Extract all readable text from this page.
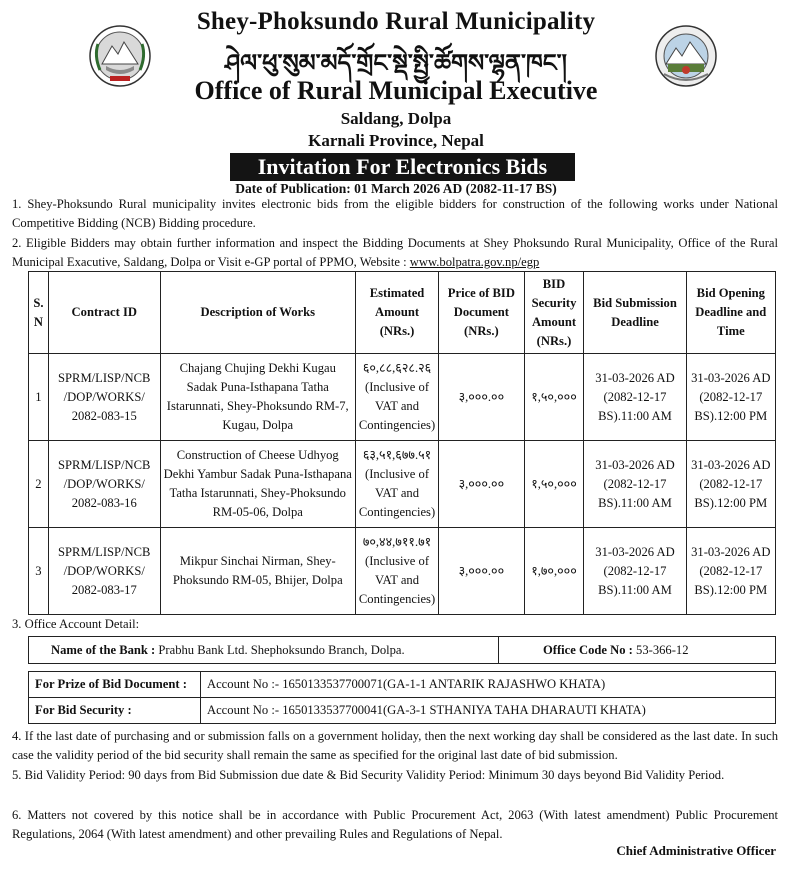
Shey-Phoksundo Rural Municipality
ཤེལ་ཕུ་སུམ་མདོ་གྲོང་སྡེ་སྤྱི་ཚོགས་ལྷན་ཁང་།
Office of Rural Municipal Executive
Saldang, Dolpa
Karnali Province, Nepal
Invitation For Electronics Bids
Date of Publication: 01 March 2026 AD (2082-11-17 BS)
1. Shey-Phoksundo Rural municipality invites electronic bids from the eligible bidders for construction of the following works under National Competitive Bidding (NCB) Bidding procedure.
2. Eligible Bidders may obtain further information and inspect the Bidding Documents at Shey Phoksundo Rural Municipality, Office of the Rural Municipal Exacutive, Saldang, Dolpa or Visit e-GP portal of PPMO, Website : www.bolpatra.gov.np/egp
S. N	Contract ID	Description of Works	Estimated Amount (NRs.)	Price of BID Document (NRs.)	BID Security Amount (NRs.)	Bid Submission Deadline	Bid Opening Deadline and Time
1	SPRM/LISP/NCB /DOP/WORKS/ 2082-083-15	Chajang Chujing Dekhi Kugau Sadak Puna-Isthapana Tatha Istarunnati, Shey-Phoksundo RM-7, Kugau, Dolpa	६०,८८,६२८.२६
(Inclusive of VAT and Contingencies)	३,०००.००	१,५०,०००	31-03-2026 AD (2082-12-17 BS).11:00 AM	31-03-2026 AD (2082-12-17 BS).12:00 PM
2	SPRM/LISP/NCB /DOP/WORKS/ 2082-083-16	Construction of Cheese Udhyog Dekhi Yambur Sadak Puna-Isthapana Tatha Istarunnati, Shey-Phoksundo RM-05-06, Dolpa	६३,५१,६७७.५१
(Inclusive of VAT and Contingencies)	३,०००.००	१,५०,०००	31-03-2026 AD (2082-12-17 BS).11:00 AM	31-03-2026 AD (2082-12-17 BS).12:00 PM
3	SPRM/LISP/NCB /DOP/WORKS/ 2082-083-17	Mikpur Sinchai Nirman, Shey-Phoksundo RM-05, Bhijer, Dolpa	७०,४४,७११.७१
(Inclusive of VAT and Contingencies)	३,०००.००	१,७०,०००	31-03-2026 AD (2082-12-17 BS).11:00 AM	31-03-2026 AD (2082-12-17 BS).12:00 PM
3. Office Account Detail:
Name of the Bank : Prabhu Bank Ltd. Shephoksundo Branch, Dolpa.	Office Code No : 53-366-12
For Prize of Bid Document :	Account No :- 1650133537700071(GA-1-1 ANTARIK RAJASHWO KHATA)
For Bid Security :	Account No :- 1650133537700041(GA-3-1 STHANIYA TAHA DHARAUTI KHATA)
4. If the last date of purchasing and or submission falls on a government holiday, then the next working day shall be considered as the last date. In such case the validity period of the bid security shall remain the same as specified for the original last date of bid submission.
5. Bid Validity Period: 90 days from Bid Submission due date & Bid Security Validity Period: Minimum 30 days beyond Bid Validity Period.
6. Matters not covered by this notice shall be in accordance with Public Procurement Act, 2063 (With latest amendment) Public Procurement Regulations, 2064 (With latest amendment) and other prevailing Rules and Regulations of Nepal.
Chief Administrative Officer
